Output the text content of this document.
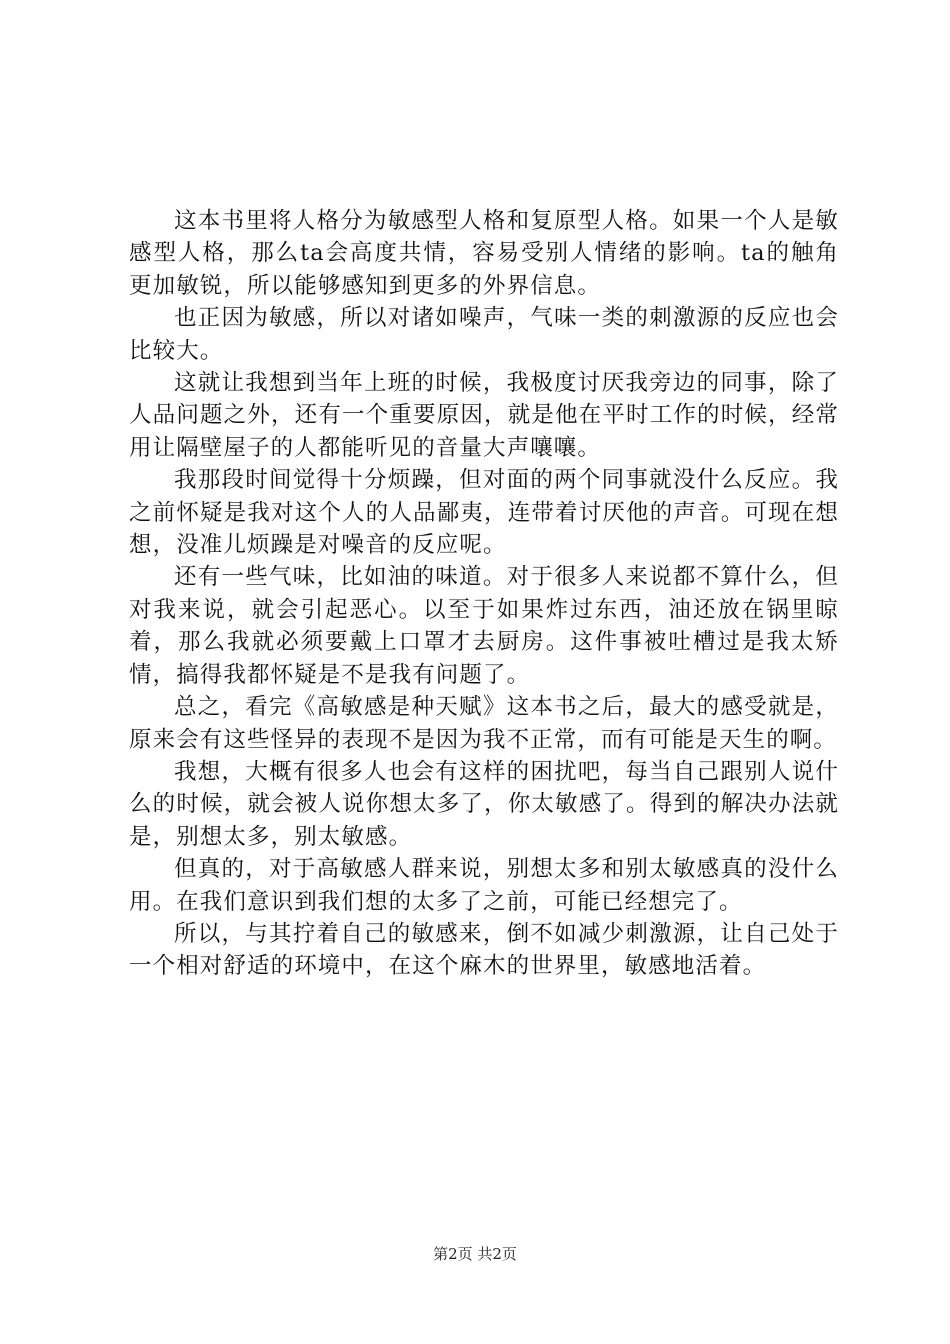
这本书里将人格分为敏感型人格和复原型人格。如果一个人是敏感型人格，那么ta会高度共情，容易受别人情绪的影响。ta的触角更加敏锐，所以能够感知到更多的外界信息。

也正因为敏感，所以对诸如噪声，气味一类的刺激源的反应也会比较大。

这就让我想到当年上班的时候，我极度讨厌我旁边的同事，除了人品问题之外，还有一个重要原因，就是他在平时工作的时候，经常用让隔壁屋子的人都能听见的音量大声嚷嚷。

我那段时间觉得十分烦躁，但对面的两个同事就没什么反应。我之前怀疑是我对这个人的人品鄙夷，连带着讨厌他的声音。可现在想想，没准儿烦躁是对噪音的反应呢。

还有一些气味，比如油的味道。对于很多人来说都不算什么，但对我来说，就会引起恶心。以至于如果炸过东西，油还放在锅里晾着，那么我就必须要戴上口罩才去厨房。这件事被吐槽过是我太矫情，搞得我都怀疑是不是我有问题了。

总之，看完《高敏感是种天赋》这本书之后，最大的感受就是，原来会有这些怪异的表现不是因为我不正常，而有可能是天生的啊。

我想，大概有很多人也会有这样的困扰吧，每当自己跟别人说什么的时候，就会被人说你想太多了，你太敏感了。得到的解决办法就是，别想太多，别太敏感。

但真的，对于高敏感人群来说，别想太多和别太敏感真的没什么用。在我们意识到我们想的太多了之前，可能已经想完了。

所以，与其拧着自己的敏感来，倒不如减少刺激源，让自己处于一个相对舒适的环境中，在这个麻木的世界里，敏感地活着。

第2页 共2页
